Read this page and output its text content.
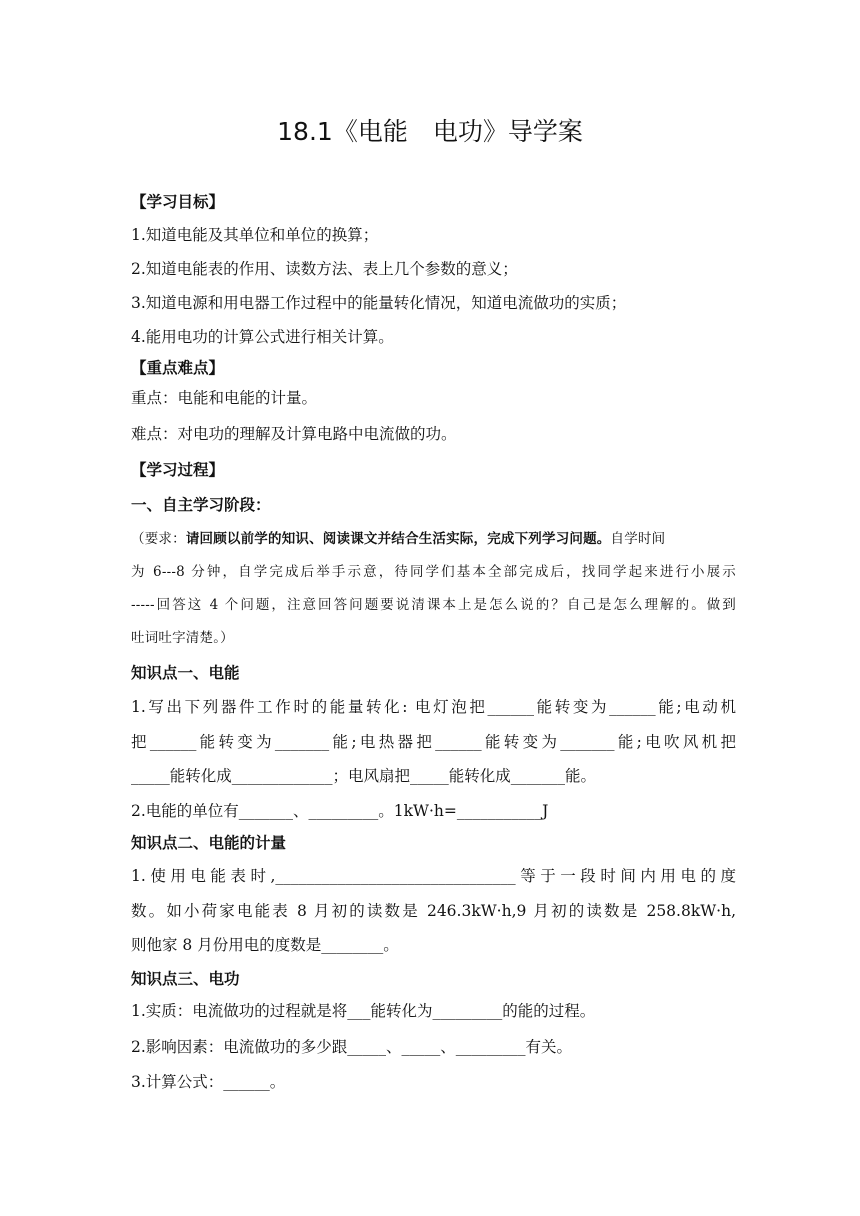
18.1《电能　电功》导学案
【学习目标】
1.知道电能及其单位和单位的换算；
2.知道电能表的作用、读数方法、表上几个参数的意义；
3.知道电源和用电器工作过程中的能量转化情况，知道电流做功的实质；
4.能用电功的计算公式进行相关计算。
【重点难点】
重点：电能和电能的计量。
难点：对电功的理解及计算电路中电流做的功。
【学习过程】
一、自主学习阶段：
（要求：请回顾以前学的知识、阅读课文并结合生活实际，完成下列学习问题。自学时间
为 6---8 分钟，自学完成后举手示意，待同学们基本全部完成后，找同学起来进行小展示
-----回答这 4 个问题，注意回答问题要说清课本上是怎么说的？自己是怎么理解的。做到
吐词吐字清楚。）
知识点一、电能
1.写出下列器件工作时的能量转化: 电灯泡把______能转变为______能;电动机
把______能转变为_______能;电热器把______能转变为_______能;电吹风机把
_____能转化成_____________；电风扇把_____能转化成_______能。
2.电能的单位有_______、_________。1kW·h=___________J
知识点二、电能的计量
1.使用电能表时,_______________________________等于一段时间内用电的度
数。如小荷家电能表 8 月初的读数是 246.3kW·h,9 月初的读数是 258.8kW·h,
则他家 8 月份用电的度数是________。
知识点三、电功
1.实质：电流做功的过程就是将___能转化为_________的能的过程。
2.影响因素：电流做功的多少跟_____、_____、_________有关。
3.计算公式：______。
